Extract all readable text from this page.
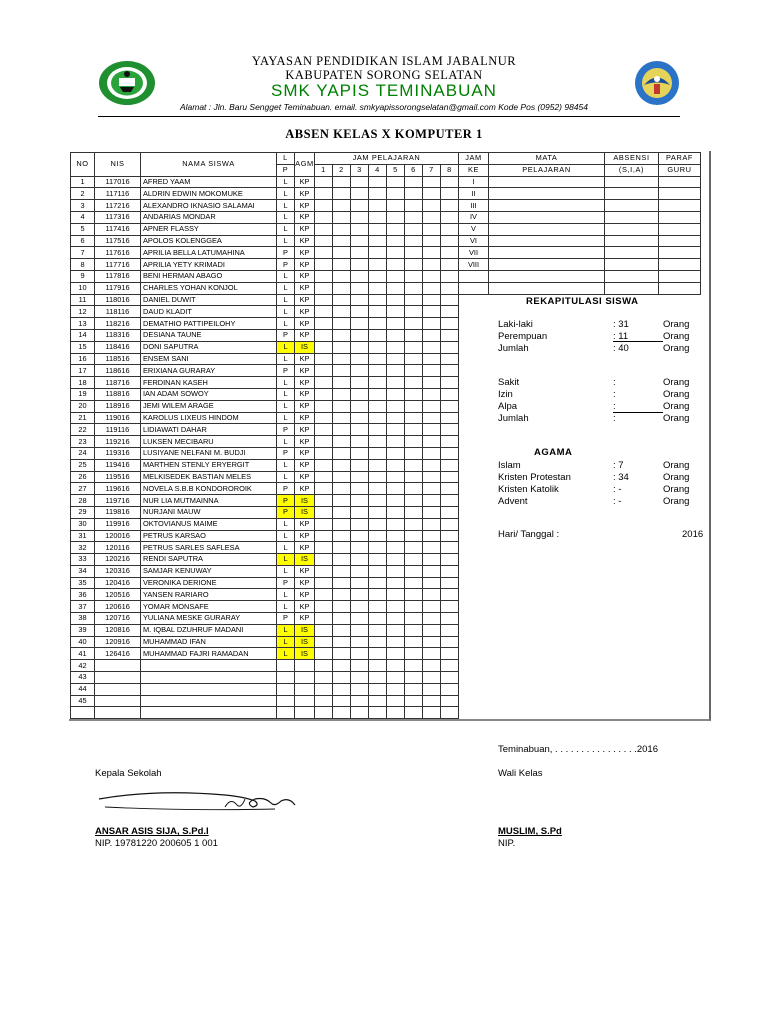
YAYASAN PENDIDIKAN ISLAM JABALNUR
KABUPATEN SORONG SELATAN
SMK YAPIS TEMINABUAN
Alamat : Jln. Baru Sengget Teminabuan. email. smkyapissorongselatan@gmail.com Kode Pos (0952) 98454
ABSEN KELAS X KOMPUTER 1
NO	NIS	NAMA SISWA	L	AGM	JAM PELAJARAN								JAM	MATA	ABSENSI	PARAF
			P		1	2	3	4	5	6	7	8	KE	PELAJARAN	(S,I,A)	GURU
1	117016	AFRED YAAM	L	KP									I			
2	117116	ALDRIN EDWIN MOKOMUKE	L	KP									II			
3	117216	ALEXANDRO IKNASIO SALAMAI	L	KP									III			
4	117316	ANDARIAS MONDAR	L	KP									IV			
5	117416	APNER FLASSY	L	KP									V			
6	117516	APOLOS KOLENGGEA	L	KP									VI			
7	117616	APRILIA BELLA LATUMAHINA	P	KP									VII			
8	117716	APRILIA YETY KRIMADI	P	KP									VIII			
9	117816	BENI HERMAN ABAGO	L	KP												
10	117916	CHARLES YOHAN KONJOL	L	KP												
11	118016	DANIEL DUWIT	L	KP												
12	118116	DAUD KLADIT	L	KP												
13	118216	DEMATHIO PATTIPEILOHY	L	KP												
14	118316	DESIANA TAUNE	P	KP												
15	118416	DONI SAPUTRA	L	IS												
16	118516	ENSEM SANI	L	KP												
17	118616	ERIXIANA GURARAY	P	KP												
18	118716	FERDINAN KASEH	L	KP												
19	118816	IAN ADAM SOWOY	L	KP												
20	118916	JEMI WILEM ARAGE	L	KP												
21	119016	KAROLUS LIXEUS HINDOM	L	KP												
22	119116	LIDIAWATI DAHAR	P	KP												
23	119216	LUKSEN MECIBARU	L	KP												
24	119316	LUSIYANE NELFANI M. BUDJI	P	KP												
25	119416	MARTHEN STENLY ERYERGIT	L	KP												
26	119516	MELKISEDEK BASTIAN MELES	L	KP												
27	119616	NOVELA S.B.B KONDOROROIK	P	KP												
28	119716	NUR LIA MUTMAINNA	P	IS												
29	119816	NURJANI MAUW	P	IS												
30	119916	OKTOVIANUS MAIME	L	KP												
31	120016	PETRUS KARSAO	L	KP												
32	120116	PETRUS SARLES SAFLESA	L	KP												
33	120216	RENDI SAPUTRA	L	IS												
34	120316	SAMJAR KENUWAY	L	KP												
35	120416	VERONIKA DERIONE	P	KP												
36	120516	YANSEN RARIARO	L	KP												
37	120616	YOMAR MONSAFE	L	KP												
38	120716	YULIANA MESKE GURARAY	P	KP												
39	120816	M. IQBAL DZUHRUF MADANI	L	IS												
40	120916	MUHAMMAD IFAN	L	IS												
41	126416	MUHAMMAD FAJRI RAMADAN	L	IS												
42																
43																
44																
45																

REKAPITULASI SISWA
AGAMA
Hari/ Tanggal :	2016
Laki-laki	: 31	Orang
Perempuan	: 11	Orang
Jumlah	: 40	Orang
Sakit	:	Orang
Izin	:	Orang
Alpa	:	Orang
Jumlah	:	Orang
Islam	: 7	Orang
Kristen Protestan	: 34	Orang
Kristen Katolik	: -	Orang
Advent	: -	Orang
Teminabuan, . . . . . . . . . . . . . . . .2016
Kepala Sekolah	Wali Kelas
ANSAR ASIS SIJA, S.Pd.I
NIP. 19781220 200605 1 001
MUSLIM, S.Pd
NIP.
